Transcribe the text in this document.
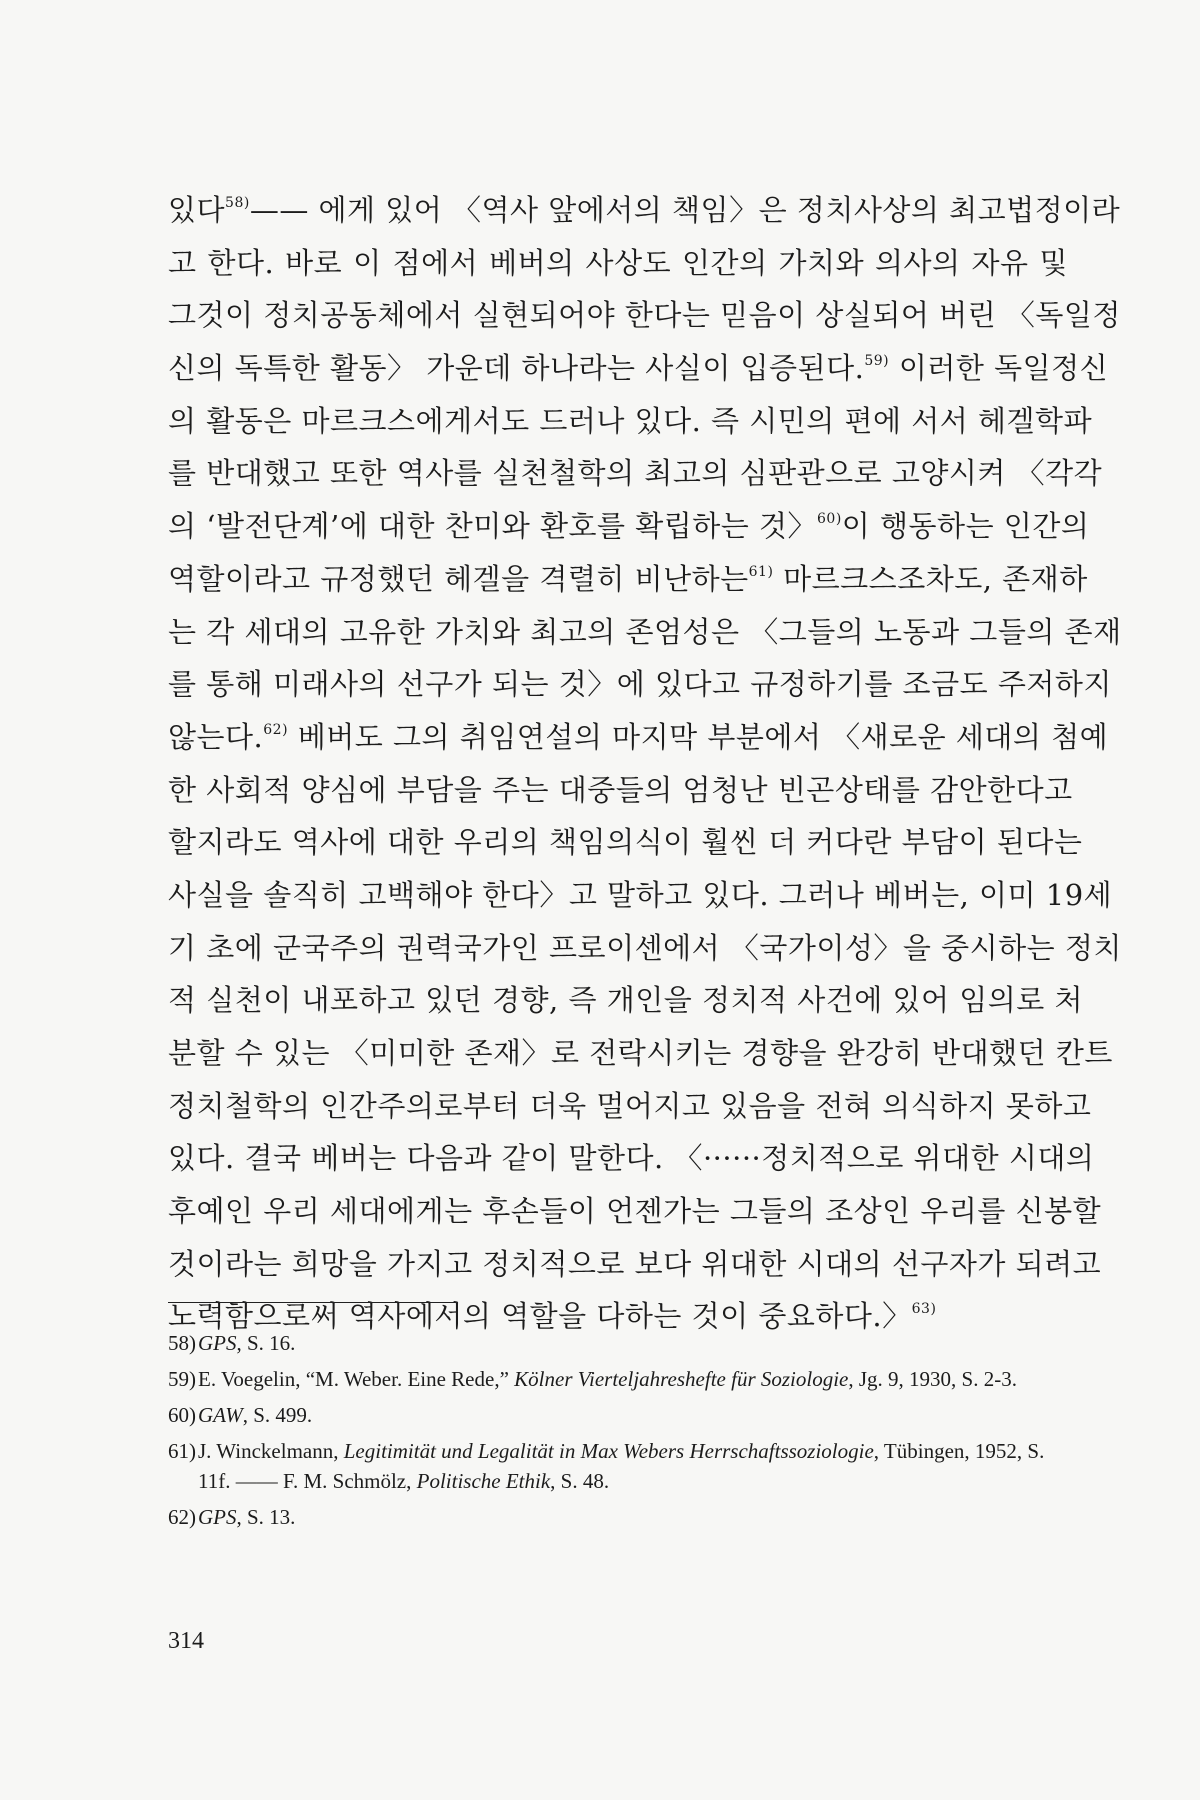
있다$^{58)}$—— 에게 있어 〈역사 앞에서의 책임〉은 정치사상의 최고법정이라
고 한다. 바로 이 점에서 베버의 사상도 인간의 가치와 의사의 자유 및
그것이 정치공동체에서 실현되어야 한다는 믿음이 상실되어 버린 〈독일정
신의 독특한 활동〉 가운데 하나라는 사실이 입증된다.$^{59)}$ 이러한 독일정신
의 활동은 마르크스에게서도 드러나 있다. 즉 시민의 편에 서서 헤겔학파
를 반대했고 또한 역사를 실천철학의 최고의 심판관으로 고양시켜 〈각각
의 ‘발전단계’에 대한 찬미와 환호를 확립하는 것〉$^{60)}$이 행동하는 인간의
역할이라고 규정했던 헤겔을 격렬히 비난하는$^{61)}$ 마르크스조차도, 존재하
는 각 세대의 고유한 가치와 최고의 존엄성은 〈그들의 노동과 그들의 존재
를 통해 미래사의 선구가 되는 것〉에 있다고 규정하기를 조금도 주저하지
않는다.$^{62)}$ 베버도 그의 취임연설의 마지막 부분에서 〈새로운 세대의 첨예
한 사회적 양심에 부담을 주는 대중들의 엄청난 빈곤상태를 감안한다고
할지라도 역사에 대한 우리의 책임의식이 훨씬 더 커다란 부담이 된다는
사실을 솔직히 고백해야 한다〉고 말하고 있다. 그러나 베버는, 이미 19세
기 초에 군국주의 권력국가인 프로이센에서 〈국가이성〉을 중시하는 정치
적 실천이 내포하고 있던 경향, 즉 개인을 정치적 사건에 있어 임의로 처
분할 수 있는 〈미미한 존재〉로 전락시키는 경향을 완강히 반대했던 칸트
정치철학의 인간주의로부터 더욱 멀어지고 있음을 전혀 의식하지 못하고
있다. 결국 베버는 다음과 같이 말한다. 〈······정치적으로 위대한 시대의
후예인 우리 세대에게는 후손들이 언젠가는 그들의 조상인 우리를 신봉할
것이라는 희망을 가지고 정치적으로 보다 위대한 시대의 선구자가 되려고
노력함으로써 역사에서의 역할을 다하는 것이 중요하다.〉$^{63)}$
58 ) GPS, S. 16.
59 ) E. Voegelin, “M. Weber. Eine Rede,” Kölner Vierteljahreshefte für Soziologie, Jg. 9, 1930, S. 2-3.
60 ) GAW, S. 499.
61 ) J. Winckelmann, Legitimität und Legalität in Max Webers Herrschaftssoziologie, Tübingen, 1952, S. 11f. —— F. M. Schmölz, Politische Ethik, S. 48.
62 ) GPS, S. 13.
314
